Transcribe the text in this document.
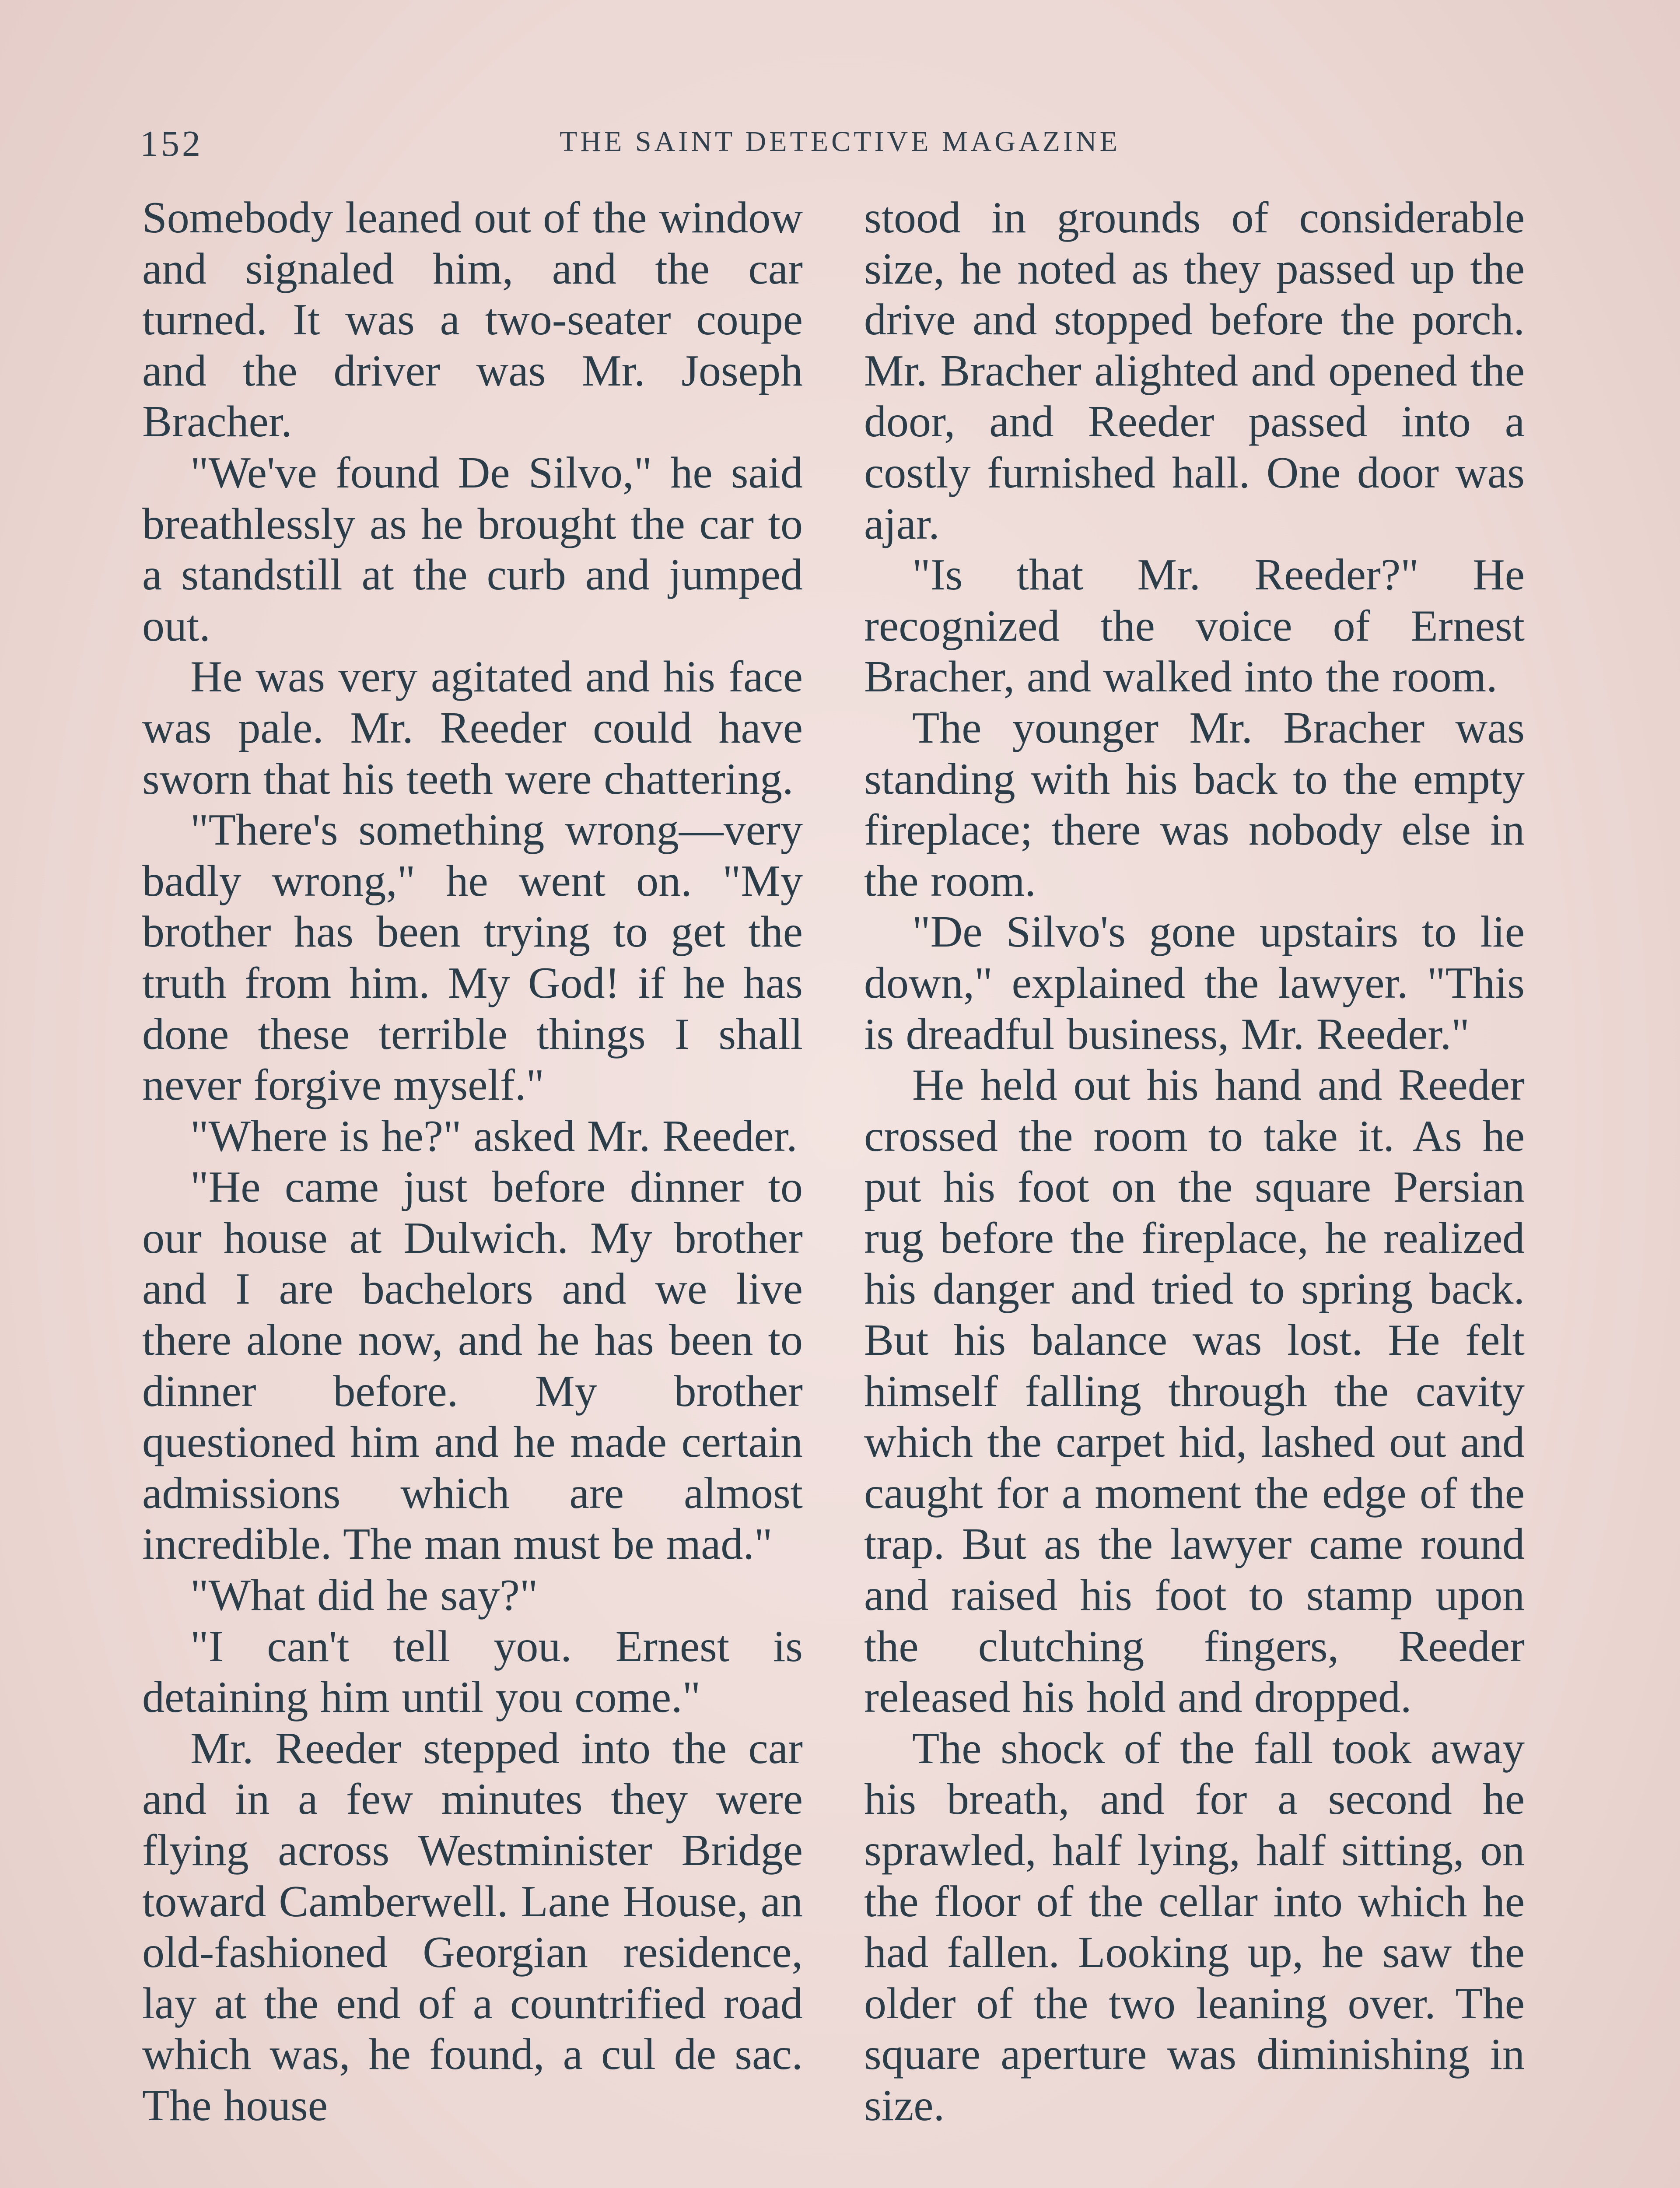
152	THE SAINT DETECTIVE MAGAZINE

Somebody leaned out of the window and signaled him, and the car turned. It was a two-seater coupe and the driver was Mr. Joseph Bracher.

"We've found De Silvo," he said breathlessly as he brought the car to a standstill at the curb and jumped out.

He was very agitated and his face was pale. Mr. Reeder could have sworn that his teeth were chattering.

"There's something wrong—very badly wrong," he went on. "My brother has been trying to get the truth from him. My God! if he has done these terrible things I shall never forgive myself."

"Where is he?" asked Mr. Reeder.

"He came just before dinner to our house at Dulwich. My brother and I are bachelors and we live there alone now, and he has been to dinner before. My brother questioned him and he made certain admissions which are almost incredible. The man must be mad."

"What did he say?"

"I can't tell you. Ernest is detaining him until you come."

Mr. Reeder stepped into the car and in a few minutes they were flying across Westminister Bridge toward Camberwell. Lane House, an old-fashioned Georgian residence, lay at the end of a countrified road which was, he found, a cul de sac. The house

stood in grounds of considerable size, he noted as they passed up the drive and stopped before the porch. Mr. Bracher alighted and opened the door, and Reeder passed into a costly furnished hall. One door was ajar.

"Is that Mr. Reeder?" He recognized the voice of Ernest Bracher, and walked into the room.

The younger Mr. Bracher was standing with his back to the empty fireplace; there was nobody else in the room.

"De Silvo's gone upstairs to lie down," explained the lawyer. "This is dreadful business, Mr. Reeder."

He held out his hand and Reeder crossed the room to take it. As he put his foot on the square Persian rug before the fireplace, he realized his danger and tried to spring back. But his balance was lost. He felt himself falling through the cavity which the carpet hid, lashed out and caught for a moment the edge of the trap. But as the lawyer came round and raised his foot to stamp upon the clutching fingers, Reeder released his hold and dropped.

The shock of the fall took away his breath, and for a second he sprawled, half lying, half sitting, on the floor of the cellar into which he had fallen. Looking up, he saw the older of the two leaning over. The square aperture was diminishing in size.
